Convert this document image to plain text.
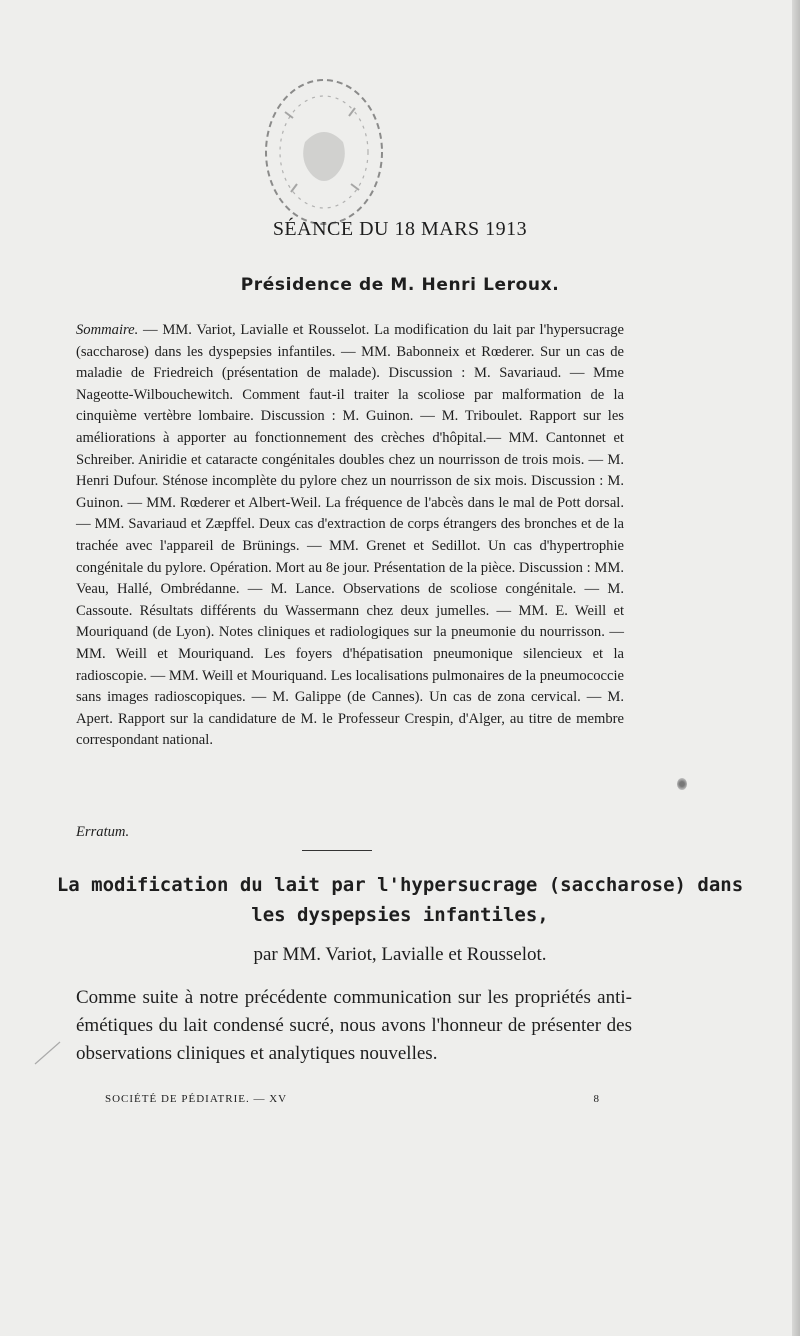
SÉANCE DU 18 MARS 1913
Présidence de M. Henri Leroux.
Sommaire. — MM. Variot, Lavialle et Rousselot. La modification du lait par l'hypersucrage (saccharose) dans les dyspepsies infantiles. — MM. Babonneix et Rœderer. Sur un cas de maladie de Friedreich (présentation de malade). Discussion : M. Savariaud. — Mme Nageotte-Wilbouchewitch. Comment faut-il traiter la scoliose par malformation de la cinquième vertèbre lombaire. Discussion : M. Guinon. — M. Triboulet. Rapport sur les améliorations à apporter au fonctionnement des crèches d'hôpital.— MM. Cantonnet et Schreiber. Aniridie et cataracte congénitales doubles chez un nourrisson de trois mois. — M. Henri Dufour. Sténose incomplète du pylore chez un nourrisson de six mois. Discussion : M. Guinon. — MM. Rœderer et Albert-Weil. La fréquence de l'abcès dans le mal de Pott dorsal. — MM. Savariaud et Zæpffel. Deux cas d'extraction de corps étrangers des bronches et de la trachée avec l'appareil de Brünings. — MM. Grenet et Sedillot. Un cas d'hypertrophie congénitale du pylore. Opération. Mort au 8e jour. Présentation de la pièce. Discussion : MM. Veau, Hallé, Ombrédanne. — M. Lance. Observations de scoliose congénitale. — M. Cassoute. Résultats différents du Wassermann chez deux jumelles. — MM. E. Weill et Mouriquand (de Lyon). Notes cliniques et radiologiques sur la pneumonie du nourrisson. — MM. Weill et Mouriquand. Les foyers d'hépatisation pneumonique silencieux et la radioscopie. — MM. Weill et Mouriquand. Les localisations pulmonaires de la pneumococcie sans images radioscopiques. — M. Galippe (de Cannes). Un cas de zona cervical. — M. Apert. Rapport sur la candidature de M. le Professeur Crespin, d'Alger, au titre de membre correspondant national.
Erratum.
La modification du lait par l'hypersucrage (saccharose) dans les dyspepsies infantiles,
par MM. Variot, Lavialle et Rousselot.
Comme suite à notre précédente communication sur les propriétés anti-émétiques du lait condensé sucré, nous avons l'honneur de présenter des observations cliniques et analytiques nouvelles.
SOCIÉTÉ DE PÉDIATRIE. — XV	8
